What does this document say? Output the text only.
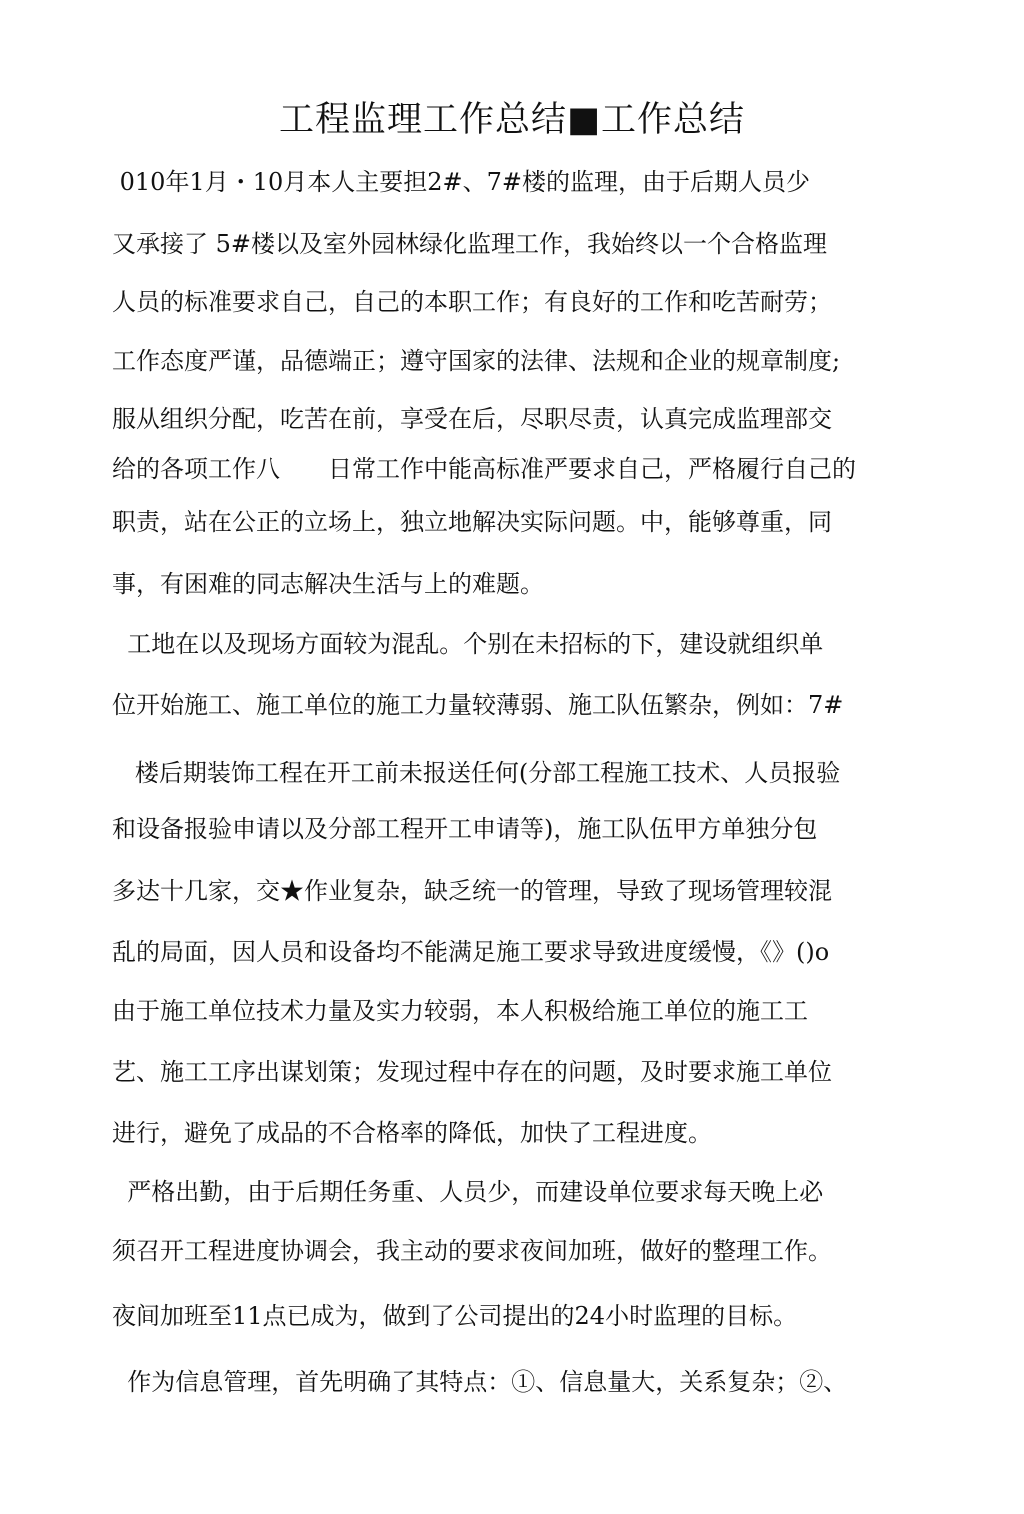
工程监理工作总结■工作总结
010年1月・10月本人主要担2#、7#楼的监理，由于后期人员少
又承接了 5#楼以及室外园林绿化监理工作，我始终以一个合格监理
人员的标准要求自己，自己的本职工作；有良好的工作和吃苦耐劳；
工作态度严谨，品德端正；遵守国家的法律、法规和企业的规章制度;
服从组织分配，吃苦在前，享受在后，尽职尽责，认真完成监理部交
给的各项工作八　　日常工作中能高标准严要求自己，严格履行自己的
职责，站在公正的立场上，独立地解决实际问题。中，能够尊重，同
事，有困难的同志解决生活与上的难题。
工地在以及现场方面较为混乱。个别在未招标的下，建设就组织单
位开始施工、施工单位的施工力量较薄弱、施工队伍繁杂，例如：7#
楼后期装饰工程在开工前未报送任何(分部工程施工技术、人员报验
和设备报验申请以及分部工程开工申请等)，施工队伍甲方单独分包
多达十几家，交★作业复杂，缺乏统一的管理，导致了现场管理较混
乱的局面，因人员和设备均不能满足施工要求导致进度缓慢，《》()o
由于施工单位技术力量及实力较弱，本人积极给施工单位的施工工
艺、施工工序出谋划策；发现过程中存在的问题，及时要求施工单位
进行，避免了成品的不合格率的降低，加快了工程进度。
严格出勤，由于后期任务重、人员少，而建设单位要求每天晚上必
须召开工程进度协调会，我主动的要求夜间加班，做好的整理工作。
夜间加班至11点已成为，做到了公司提出的24小时监理的目标。
作为信息管理，首先明确了其特点：①、信息量大，关系复杂；②、
